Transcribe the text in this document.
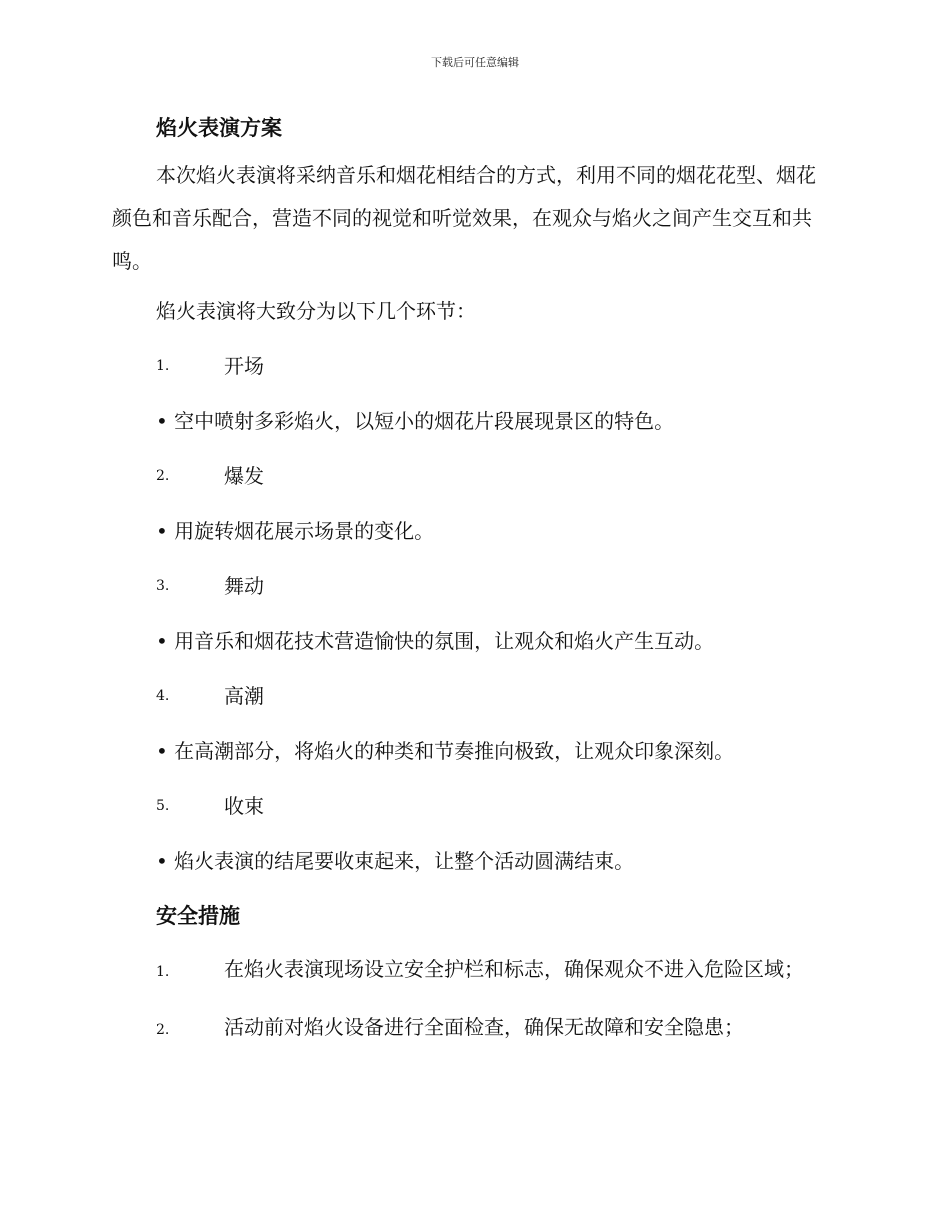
下载后可任意编辑
焰火表演方案
本次焰火表演将采纳音乐和烟花相结合的方式，利用不同的烟花花型、烟花颜色和音乐配合，营造不同的视觉和听觉效果，在观众与焰火之间产生交互和共鸣。
焰火表演将大致分为以下几个环节：
1.	开场
• 空中喷射多彩焰火，以短小的烟花片段展现景区的特色。
2.	爆发
• 用旋转烟花展示场景的变化。
3.	舞动
• 用音乐和烟花技术营造愉快的氛围，让观众和焰火产生互动。
4.	高潮
• 在高潮部分，将焰火的种类和节奏推向极致，让观众印象深刻。
5.	收束
• 焰火表演的结尾要收束起来，让整个活动圆满结束。
安全措施
1.	在焰火表演现场设立安全护栏和标志，确保观众不进入危险区域；
2.	活动前对焰火设备进行全面检查，确保无故障和安全隐患；
